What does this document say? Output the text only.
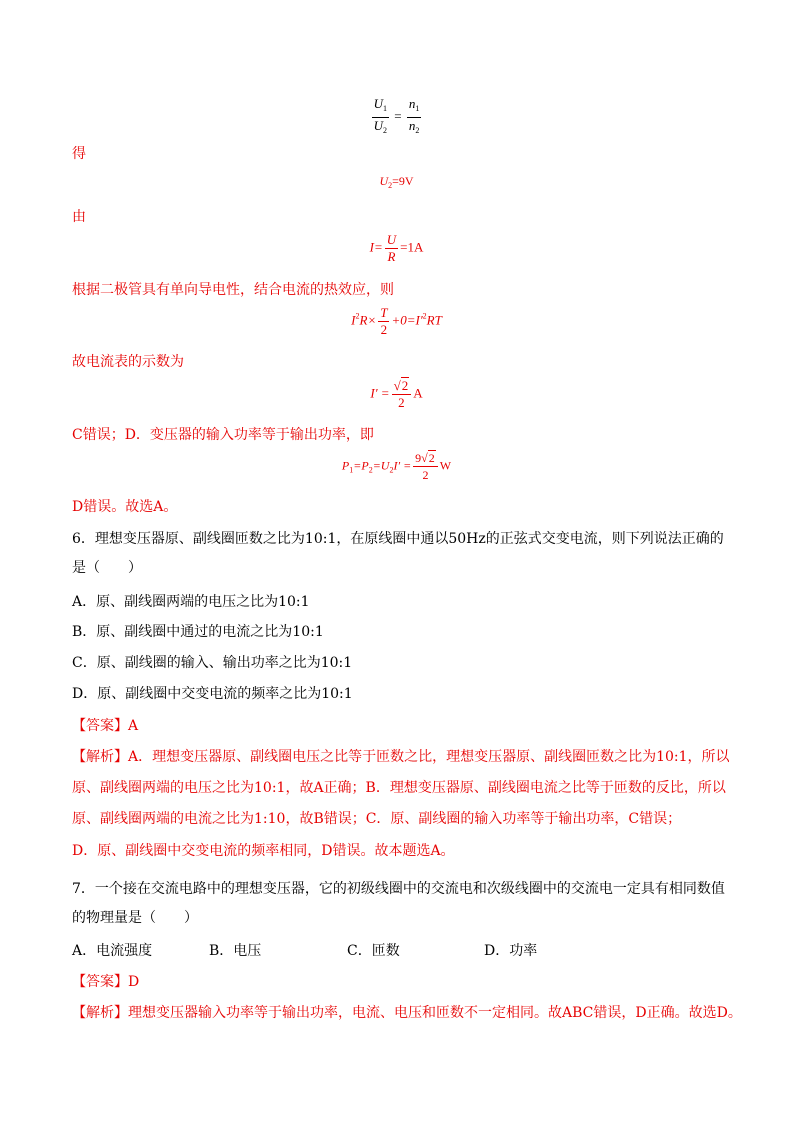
$\frac{U_1}{U_2} = \frac{n_1}{n_2}$
得
$U_2=9V$
由
$I= \frac{U}{R} =1A$
根据二极管具有单向导电性，结合电流的热效应，则
$I^2R\times \frac{T}{2} +0=I'^2RT$
故电流表的示数为
$I' = \frac{√2}{2}$ A
C错误；D．变压器的输入功率等于输出功率，即
$P_1=P_2=U_2I' = \frac{9√2}{2}$ W
D错误。故选A。
6．理想变压器原、副线圈匝数之比为10:1，在原线圈中通以50Hz的正弦式交变电流，则下列说法正确的
是（　　）
A．原、副线圈两端的电压之比为10:1
B．原、副线圈中通过的电流之比为10:1
C．原、副线圈的输入、输出功率之比为10:1
D．原、副线圈中交变电流的频率之比为10:1
【答案】A
【解析】A．理想变压器原、副线圈电压之比等于匝数之比，理想变压器原、副线圈匝数之比为10:1，所以
原、副线圈两端的电压之比为10:1，故A正确；B．理想变压器原、副线圈电流之比等于匝数的反比，所以
原、副线圈两端的电流之比为1:10，故B错误；C．原、副线圈的输入功率等于输出功率，C错误；
D．原、副线圈中交变电流的频率相同，D错误。故本题选A。
7．一个接在交流电路中的理想变压器，它的初级线圈中的交流电和次级线圈中的交流电一定具有相同数值
的物理量是（　　）
A．电流强度	B．电压	C．匝数	D．功率
【答案】D
【解析】理想变压器输入功率等于输出功率，电流、电压和匝数不一定相同。故ABC错误，D正确。故选D。
